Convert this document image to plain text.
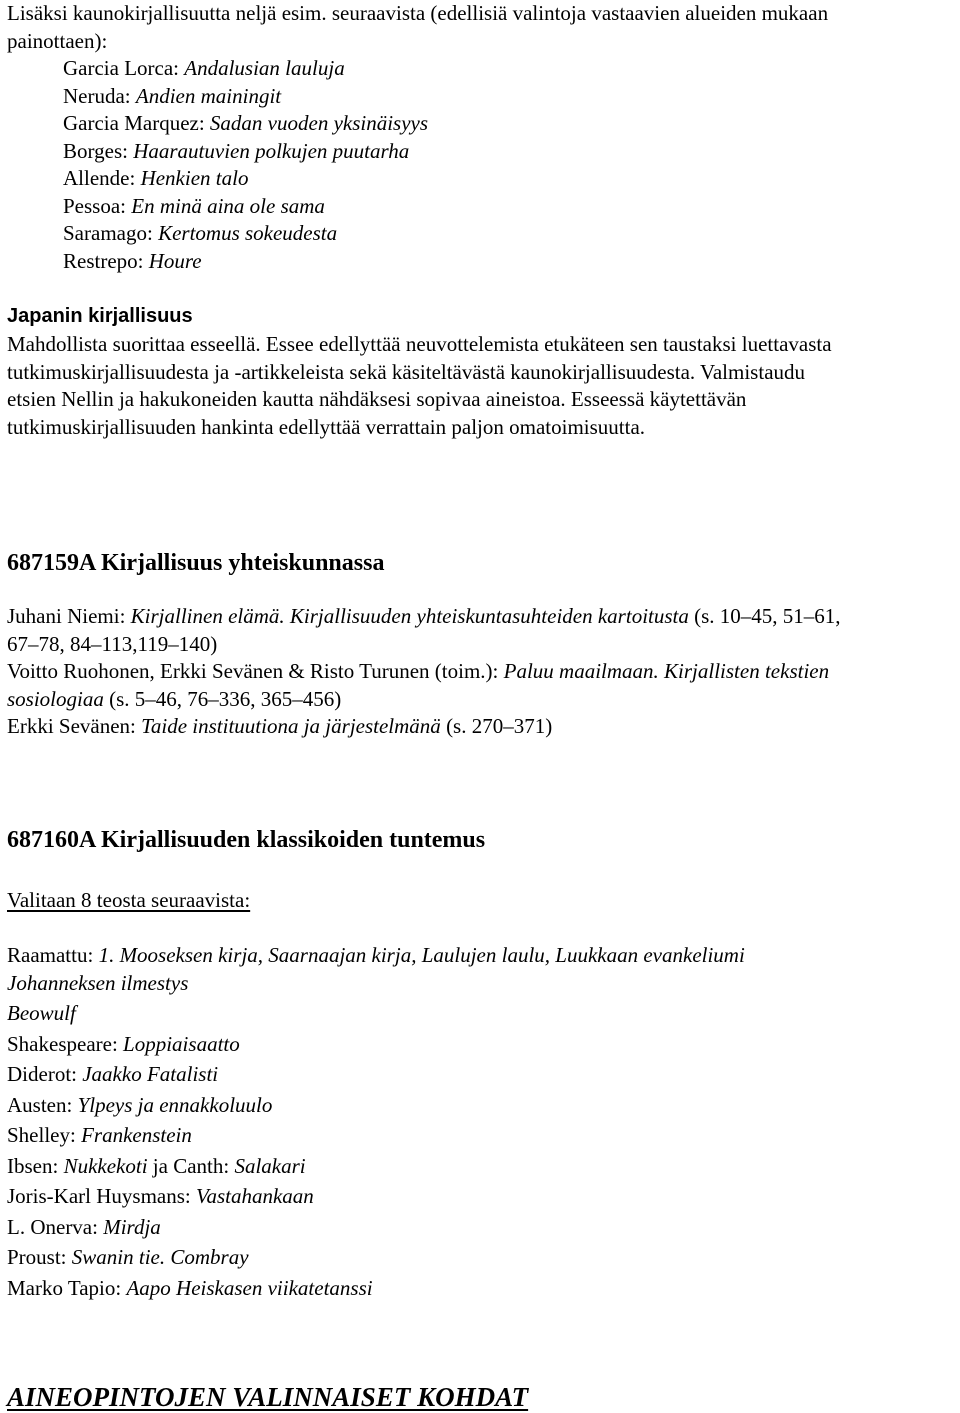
Lisäksi kaunokirjallisuutta neljä esim. seuraavista (edellisiä valintoja vastaavien alueiden mukaan

painottaen):

Garcia Lorca: Andalusian lauluja

Neruda: Andien mainingit

Garcia Marquez: Sadan vuoden yksinäisyys

Borges: Haarautuvien polkujen puutarha

Allende: Henkien talo

Pessoa: En minä aina ole sama

Saramago: Kertomus sokeudesta

Restrepo: Houre

Japanin kirjallisuus

Mahdollista suorittaa esseellä. Essee edellyttää neuvottelemista etukäteen sen taustaksi luettavasta

tutkimuskirjallisuudesta ja -artikkeleista sekä käsiteltävästä kaunokirjallisuudesta. Valmistaudu

etsien Nellin ja hakukoneiden kautta nähdäksesi sopivaa aineistoa. Esseessä käytettävän

tutkimuskirjallisuuden hankinta edellyttää verrattain paljon omatoimisuutta.

687159A Kirjallisuus yhteiskunnassa

Juhani Niemi: Kirjallinen elämä. Kirjallisuuden yhteiskuntasuhteiden kartoitusta (s. 10–45, 51–61,

67–78, 84–113,119–140)

Voitto Ruohonen, Erkki Sevänen & Risto Turunen (toim.): Paluu maailmaan. Kirjallisten tekstien

sosiologiaa (s. 5–46, 76–336, 365–456)

Erkki Sevänen: Taide instituutiona ja järjestelmänä (s. 270–371)

687160A Kirjallisuuden klassikoiden tuntemus

Valitaan 8 teosta seuraavista:

Raamattu: 1. Mooseksen kirja, Saarnaajan kirja, Laulujen laulu, Luukkaan evankeliumi

Johanneksen ilmestys

Beowulf

Shakespeare: Loppiaisaatto

Diderot: Jaakko Fatalisti

Austen: Ylpeys ja ennakkoluulo

Shelley: Frankenstein

Ibsen: Nukkekoti ja Canth: Salakari

Joris-Karl Huysmans: Vastahankaan

L. Onerva: Mirdja

Proust: Swanin tie. Combray

Marko Tapio: Aapo Heiskasen viikatetanssi

AINEOPINTOJEN VALINNAISET KOHDAT
